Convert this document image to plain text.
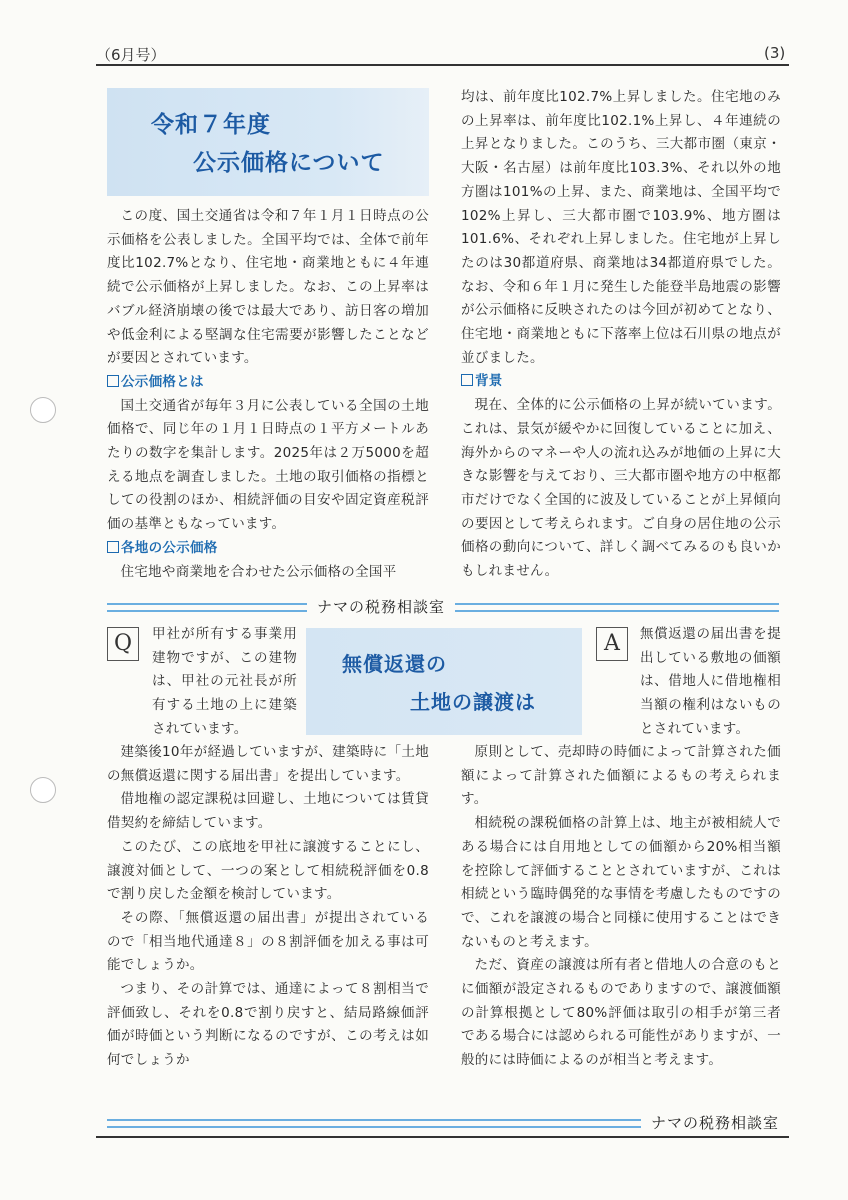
（6月号）	(3)
令和７年度
公示価格について

この度、国土交通省は令和７年１月１日時点の公示価格を公表しました。全国平均では、全体で前年度比102.7%となり、住宅地・商業地ともに４年連続で公示価格が上昇しました。なお、この上昇率はバブル経済崩壊の後では最大であり、訪日客の増加や低金利による堅調な住宅需要が影響したことなどが要因とされています。

公示価格とは

国土交通省が毎年３月に公表している全国の土地価格で、同じ年の１月１日時点の１平方メートルあたりの数字を集計します。2025年は２万5000を超える地点を調査しました。土地の取引価格の指標としての役割のほか、相続評価の目安や固定資産税評価の基準ともなっています。

各地の公示価格

住宅地や商業地を合わせた公示価格の全国平

均は、前年度比102.7%上昇しました。住宅地のみの上昇率は、前年度比102.1%上昇し、４年連続の上昇となりました。このうち、三大都市圏（東京・大阪・名古屋）は前年度比103.3%、それ以外の地方圏は101%の上昇、また、商業地は、全国平均で102%上昇し、三大都市圏で103.9%、地方圏は101.6%、それぞれ上昇しました。住宅地が上昇したのは30都道府県、商業地は34都道府県でした。なお、令和６年１月に発生した能登半島地震の影響が公示価格に反映されたのは今回が初めてとなり、住宅地・商業地ともに下落率上位は石川県の地点が並びました。

背景

現在、全体的に公示価格の上昇が続いています。これは、景気が緩やかに回復していることに加え、海外からのマネーや人の流れ込みが地価の上昇に大きな影響を与えており、三大都市圏や地方の中枢都市だけでなく全国的に波及していることが上昇傾向の要因として考えられます。ご自身の居住地の公示価格の動向について、詳しく調べてみるのも良いかもしれません。

ナマの税務相談室
無償返還の
土地の譲渡は
Q	甲社が所有する事業用建物ですが、この建物は、甲社の元社長が所有する土地の上に建築されています。

建築後10年が経過していますが、建築時に「土地の無償返還に関する届出書」を提出しています。

借地権の認定課税は回避し、土地については賃貸借契約を締結しています。

このたび、この底地を甲社に譲渡することにし、譲渡対価として、一つの案として相続税評価を0.8で割り戻した金額を検討しています。

その際、「無償返還の届出書」が提出されているので「相当地代通達８」の８割評価を加える事は可能でしょうか。

つまり、その計算では、通達によって８割相当で評価致し、それを0.8で割り戻すと、結局路線価評価が時価という判断になるのですが、この考えは如何でしょうか

A	無償返還の届出書を提出している敷地の価額は、借地人に借地権相当額の権利はないものとされています。

原則として、売却時の時価によって計算された価額によって計算された価額によるもの考えられます。

相続税の課税価格の計算上は、地主が被相続人である場合には自用地としての価額から20%相当額を控除して評価することとされていますが、これは相続という臨時偶発的な事情を考慮したものですので、これを譲渡の場合と同様に使用することはできないものと考えます。

ただ、資産の譲渡は所有者と借地人の合意のもとに価額が設定されるものでありますので、譲渡価額の計算根拠として80%評価は取引の相手が第三者である場合には認められる可能性がありますが、一般的には時価によるのが相当と考えます。

ナマの税務相談室
